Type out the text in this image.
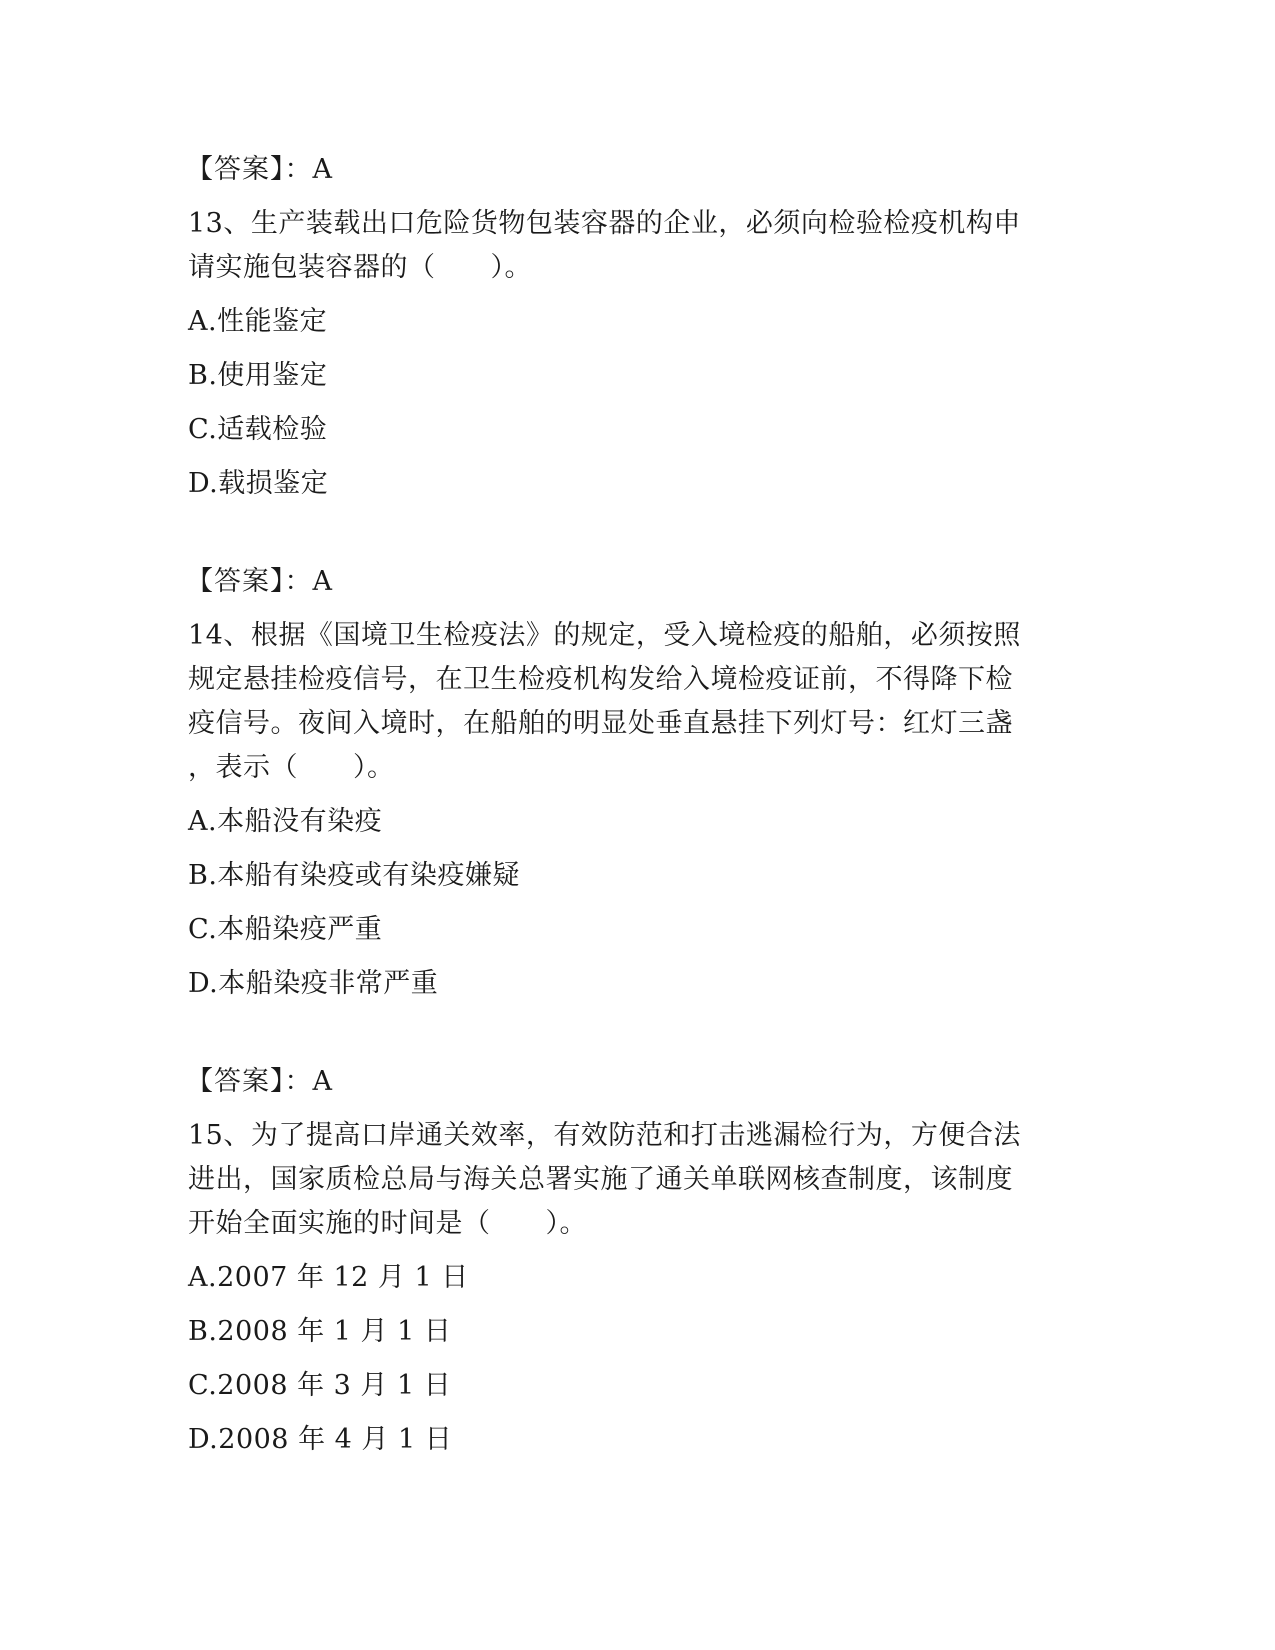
【答案】：A
13、生产装载出口危险货物包装容器的企业，必须向检验检疫机构申
请实施包装容器的（　　）。
A.性能鉴定
B.使用鉴定
C.适载检验
D.载损鉴定
【答案】：A
14、根据《国境卫生检疫法》的规定，受入境检疫的船舶，必须按照
规定悬挂检疫信号，在卫生检疫机构发给入境检疫证前，不得降下检
疫信号。夜间入境时，在船舶的明显处垂直悬挂下列灯号：红灯三盏
，表示（　　）。
A.本船没有染疫
B.本船有染疫或有染疫嫌疑
C.本船染疫严重
D.本船染疫非常严重
【答案】：A
15、为了提高口岸通关效率，有效防范和打击逃漏检行为，方便合法
进出，国家质检总局与海关总署实施了通关单联网核查制度，该制度
开始全面实施的时间是（　　）。
A.2007 年 12 月 1 日
B.2008 年 1 月 1 日
C.2008 年 3 月 1 日
D.2008 年 4 月 1 日
